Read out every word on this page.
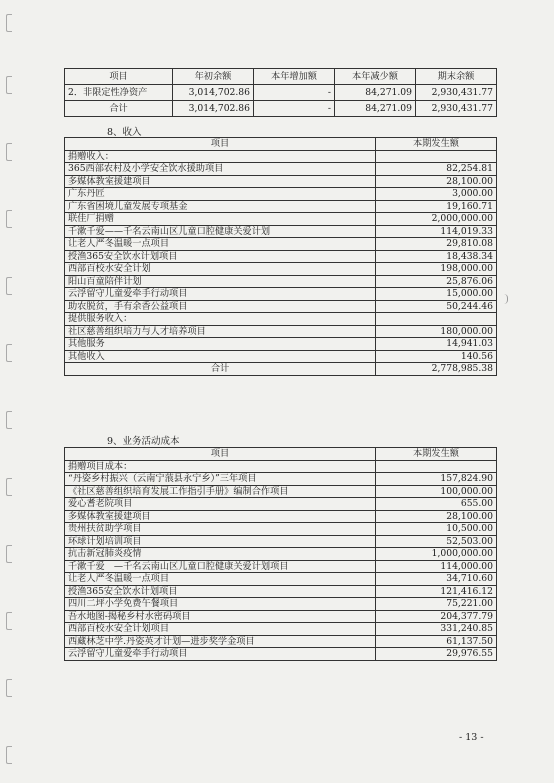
项目	年初余额	本年增加额	本年减少额	期末余额
2．非限定性净资产	3,014,702.86	-	84,271.09	2,930,431.77
合计	3,014,702.86	-	84,271.09	2,930,431.77
8、收入
项目	本期发生额
捐赠收入：	
365西部农村及小学安全饮水援助项目	82,254.81
多媒体教室援建项目	28,100.00
广东丹匠	3,000.00
广东省困境儿童发展专项基金	19,160.71
联佳厂捐赠	2,000,000.00
千漱千爱——千名云南山区儿童口腔健康关爱计划	114,019.33
让老人严冬温暖一点项目	29,810.08
授渔365安全饮水计划项目	18,438.34
西部百校水安全计划	198,000.00
阳山百童陪伴计划	25,876.06
云浮留守儿童爱牵手行动项目	15,000.00
助农脱贫，手有余香公益项目	50,244.46
提供服务收入：	
社区慈善组织培力与人才培养项目	180,000.00
其他服务	14,941.03
其他收入	140.56
合计	2,778,985.38
9、业务活动成本
项目	本期发生额
捐赠项目成本：	
“丹姿乡村振兴（云南宁蒗县永宁乡）”三年项目	157,824.90
《社区慈善组织培育发展工作指引手册》编制合作项目	100,000.00
爱心耆老院项目	655.00
多媒体教室援建项目	28,100.00
贵州扶贫助学项目	10,500.00
环球计划培训项目	52,503.00
抗击新冠肺炎疫情	1,000,000.00
千漱千爱　—千名云南山区儿童口腔健康关爱计划项目	114,000.00
让老人严冬温暖一点项目	34,710.60
授渔365安全饮水计划项目	121,416.12
四川二坪小学免费午餐项目	75,221.00
吾水地图-揭秘乡村水密码项目	204,377.79
西部百校水安全计划项目	331,240.85
西藏林芝中学.丹姿英才计划—进步奖学金项目	61,137.50
云浮留守儿童爱牵手行动项目	29,976.55
- 13 -
